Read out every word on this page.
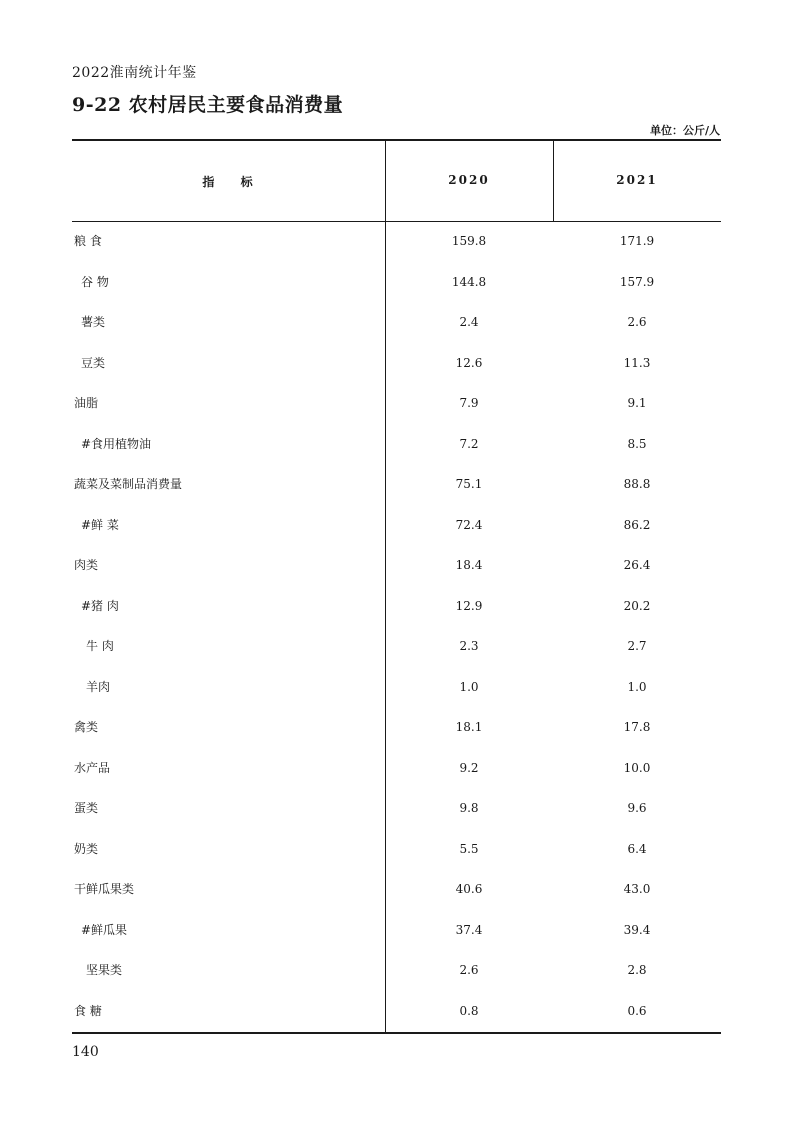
2022淮南统计年鉴
9-22 农村居民主要食品消费量
单位：公斤/人
指 标	2020	2021
粮 食	159.8	171.9
谷 物	144.8	157.9
薯类	2.4	2.6
豆类	12.6	11.3
油脂	7.9	9.1
#食用植物油	7.2	8.5
蔬菜及菜制品消费量	75.1	88.8
#鲜 菜	72.4	86.2
肉类	18.4	26.4
#猪 肉	12.9	20.2
牛 肉	2.3	2.7
羊肉	1.0	1.0
禽类	18.1	17.8
水产品	9.2	10.0
蛋类	9.8	9.6
奶类	5.5	6.4
干鲜瓜果类	40.6	43.0
#鲜瓜果	37.4	39.4
坚果类	2.6	2.8
食 糖	0.8	0.6
140
